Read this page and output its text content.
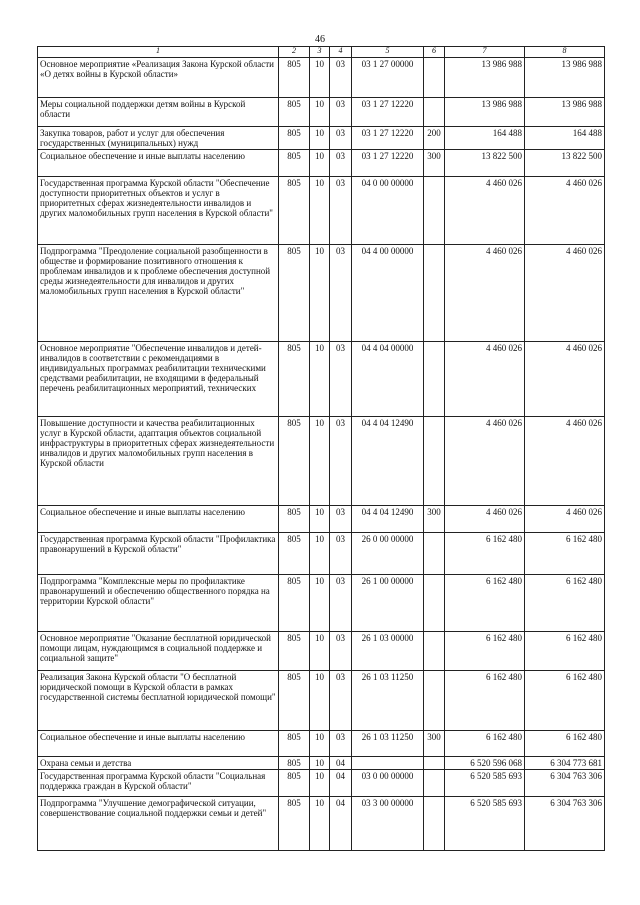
46
1	2	3	4	5	6	7	8
Основное мероприятие «Реализация Закона Курской области «О детях войны в Курской области»	805	10	03	03 1 27 00000		13 986 988	13 986 988
Меры социальной поддержки детям войны в Курской области	805	10	03	03 1 27 12220		13 986 988	13 986 988
Закупка товаров, работ и услуг для обеспечения государственных (муниципальных) нужд	805	10	03	03 1 27 12220	200	164 488	164 488
Социальное обеспечение и иные выплаты населению	805	10	03	03 1 27 12220	300	13 822 500	13 822 500
Государственная программа Курской области "Обеспечение доступности приоритетных объектов и услуг в приоритетных сферах жизнедеятельности инвалидов и других маломобильных групп населения в Курской области"	805	10	03	04 0 00 00000		4 460 026	4 460 026
Подпрограмма "Преодоление социальной разобщенности в обществе и формирование позитивного отношения к проблемам инвалидов и к проблеме обеспечения доступной среды жизнедеятельности для инвалидов и других маломобильных групп населения в Курской области"	805	10	03	04 4 00 00000		4 460 026	4 460 026
Основное мероприятие "Обеспечение инвалидов и детей-инвалидов в соответствии с рекомендациями в индивидуальных программах реабилитации техническими средствами реабилитации, не входящими в федеральный перечень реабилитационных мероприятий, технических	805	10	03	04 4 04 00000		4 460 026	4 460 026
Повышение доступности и качества реабилитационных услуг в Курской области, адаптация объектов социальной инфраструктуры в приоритетных сферах жизнедеятельности инвалидов и других маломобильных групп населения в Курской области	805	10	03	04 4 04 12490		4 460 026	4 460 026
Социальное обеспечение и иные выплаты населению	805	10	03	04 4 04 12490	300	4 460 026	4 460 026
Государственная программа Курской области "Профилактика правонарушений в Курской области"	805	10	03	26 0 00 00000		6 162 480	6 162 480
Подпрограмма "Комплексные меры по профилактике правонарушений и обеспечению общественного порядка на территории Курской области"	805	10	03	26 1 00 00000		6 162 480	6 162 480
Основное мероприятие "Оказание бесплатной юридической помощи лицам, нуждающимся в социальной поддержке и социальной защите"	805	10	03	26 1 03 00000		6 162 480	6 162 480
Реализация Закона Курской области "О бесплатной юридической помощи в Курской области в рамках государственной системы бесплатной юридической помощи"	805	10	03	26 1 03 11250		6 162 480	6 162 480
Социальное обеспечение и иные выплаты населению	805	10	03	26 1 03 11250	300	6 162 480	6 162 480
Охрана семьи и детства	805	10	04			6 520 596 068	6 304 773 681
Государственная программа Курской области "Социальная поддержка граждан в Курской области"	805	10	04	03 0 00 00000		6 520 585 693	6 304 763 306
Подпрограмма "Улучшение демографической ситуации, совершенствование социальной поддержки семьи и детей"	805	10	04	03 3 00 00000		6 520 585 693	6 304 763 306
